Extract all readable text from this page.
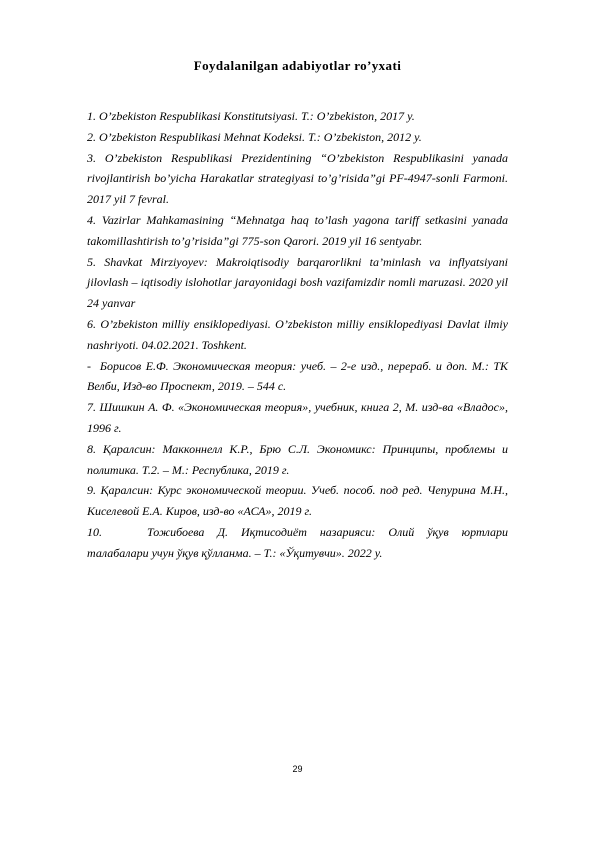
Foydalanilgan adabiyotlar ro’yxati

1. O’zbekiston Respublikasi Konstitutsiyasi. T.: O’zbekiston, 2017 y.

2. O’zbekiston Respublikasi Mehnat Kodeksi. T.: O’zbekiston, 2012 y.

3. O’zbekiston Respublikasi Prezidentining “O’zbekiston Respublikasini yanada rivojlantirish bo’yicha Harakatlar strategiyasi to’g’risida”gi PF-4947-sonli Farmoni. 2017 yil 7 fevral.

4. Vazirlar Mahkamasining “Mehnatga haq to’lash yagona tariff setkasini yanada takomillashtirish to’g’risida”gi 775-son Qarori. 2019 yil 16 sentyabr.

5. Shavkat Mirziyoyev: Makroiqtisodiy barqarorlikni ta’minlash va inflyatsiyani jilovlash – iqtisodiy islohotlar jarayonidagi bosh vazifamizdir nomli maruzasi. 2020 yil 24 yanvar

6. O’zbekiston milliy ensiklopediyasi. O’zbekiston milliy ensiklopediyasi Davlat ilmiy nashriyoti. 04.02.2021. Toshkent.

- Борисов Е.Ф. Экономическая теория: учеб. – 2-е изд., перераб. и доп. М.: ТК Велби, Изд-во Проспект, 2019. – 544 с.

7. Шишкин А. Ф. «Экономическая теория», учебник, книга 2, М. изд-ва «Владос», 1996 г.

8. Қаралсин: Макконнелл К.Р., Брю С.Л. Экономикс: Принципы, проблемы и политика. Т.2. – М.: Республика, 2019 г.

9. Қаралсин: Курс экономической теории. Учеб. пособ. под ред. Чепурина М.Н., Киселевой Е.А. Киров, изд-во «АСА», 2019 г.

10.	Тожибоева Д. Иқтисодиёт назарияси: Олий ўқув юртлари талабалари учун ўқув қўлланма. – Т.: «Ўқитувчи». 2022 у.

29
